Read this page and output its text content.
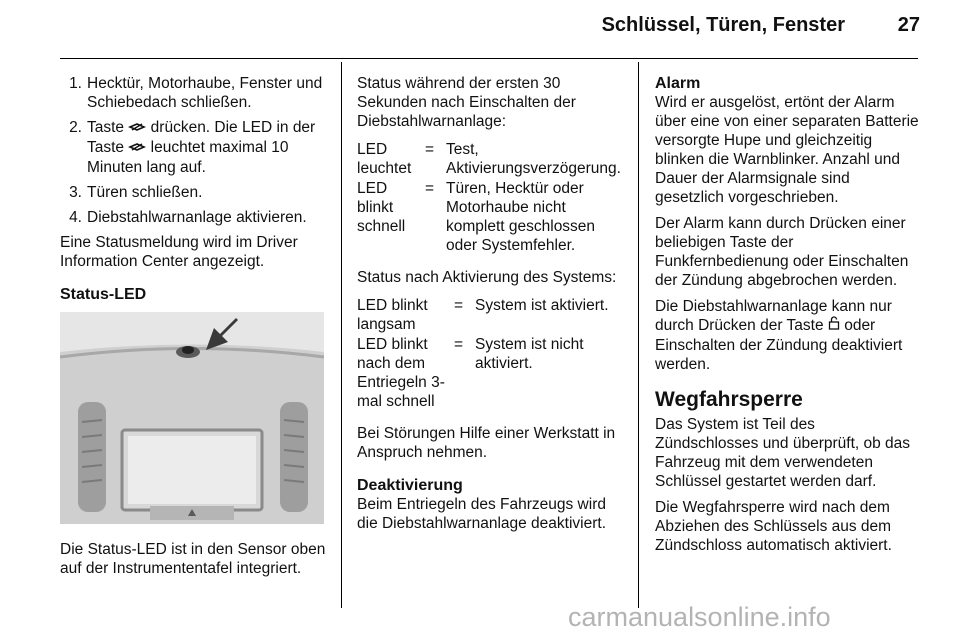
Schlüssel, Türen, Fenster	27
1. Hecktür, Motorhaube, Fenster und Schiebedach schließen.
2. Taste  drücken. Die LED in der Taste  leuchtet maximal 10 Minuten lang auf.
3. Türen schließen.
4. Diebstahlwarnanlage aktivieren.

Eine Statusmeldung wird im Driver Information Center angezeigt.

Status-LED

Die Status-LED ist in den Sensor oben auf der Instrumententafel integriert.

Status während der ersten 30 Sekunden nach Einschalten der Diebstahlwarnanlage:

LED leuchtet
= Test, Aktivierungsverzögerung.
LED blinkt schnell
= Türen, Hecktür oder Motorhaube nicht komplett geschlossen oder Systemfehler.

Status nach Aktivierung des Systems:

LED blinkt langsam
= System ist aktiviert.
LED blinkt nach dem Entriegeln 3-mal schnell
= System ist nicht aktiviert.

Bei Störungen Hilfe einer Werkstatt in Anspruch nehmen.

Deaktivierung

Beim Entriegeln des Fahrzeugs wird die Diebstahlwarnanlage deaktiviert.

Alarm

Wird er ausgelöst, ertönt der Alarm über eine von einer separaten Batterie versorgte Hupe und gleichzeitig blinken die Warnblinker. Anzahl und Dauer der Alarmsignale sind gesetzlich vorgeschrieben.

Der Alarm kann durch Drücken einer beliebigen Taste der Funkfernbedienung oder Einschalten der Zündung abgebrochen werden.

Die Diebstahlwarnanlage kann nur durch Drücken der Taste  oder Einschalten der Zündung deaktiviert werden.

Wegfahrsperre

Das System ist Teil des Zündschlosses und überprüft, ob das Fahrzeug mit dem verwendeten Schlüssel gestartet werden darf.

Die Wegfahrsperre wird nach dem Abziehen des Schlüssels aus dem Zündschloss automatisch aktiviert.

carmanualsonline.info
